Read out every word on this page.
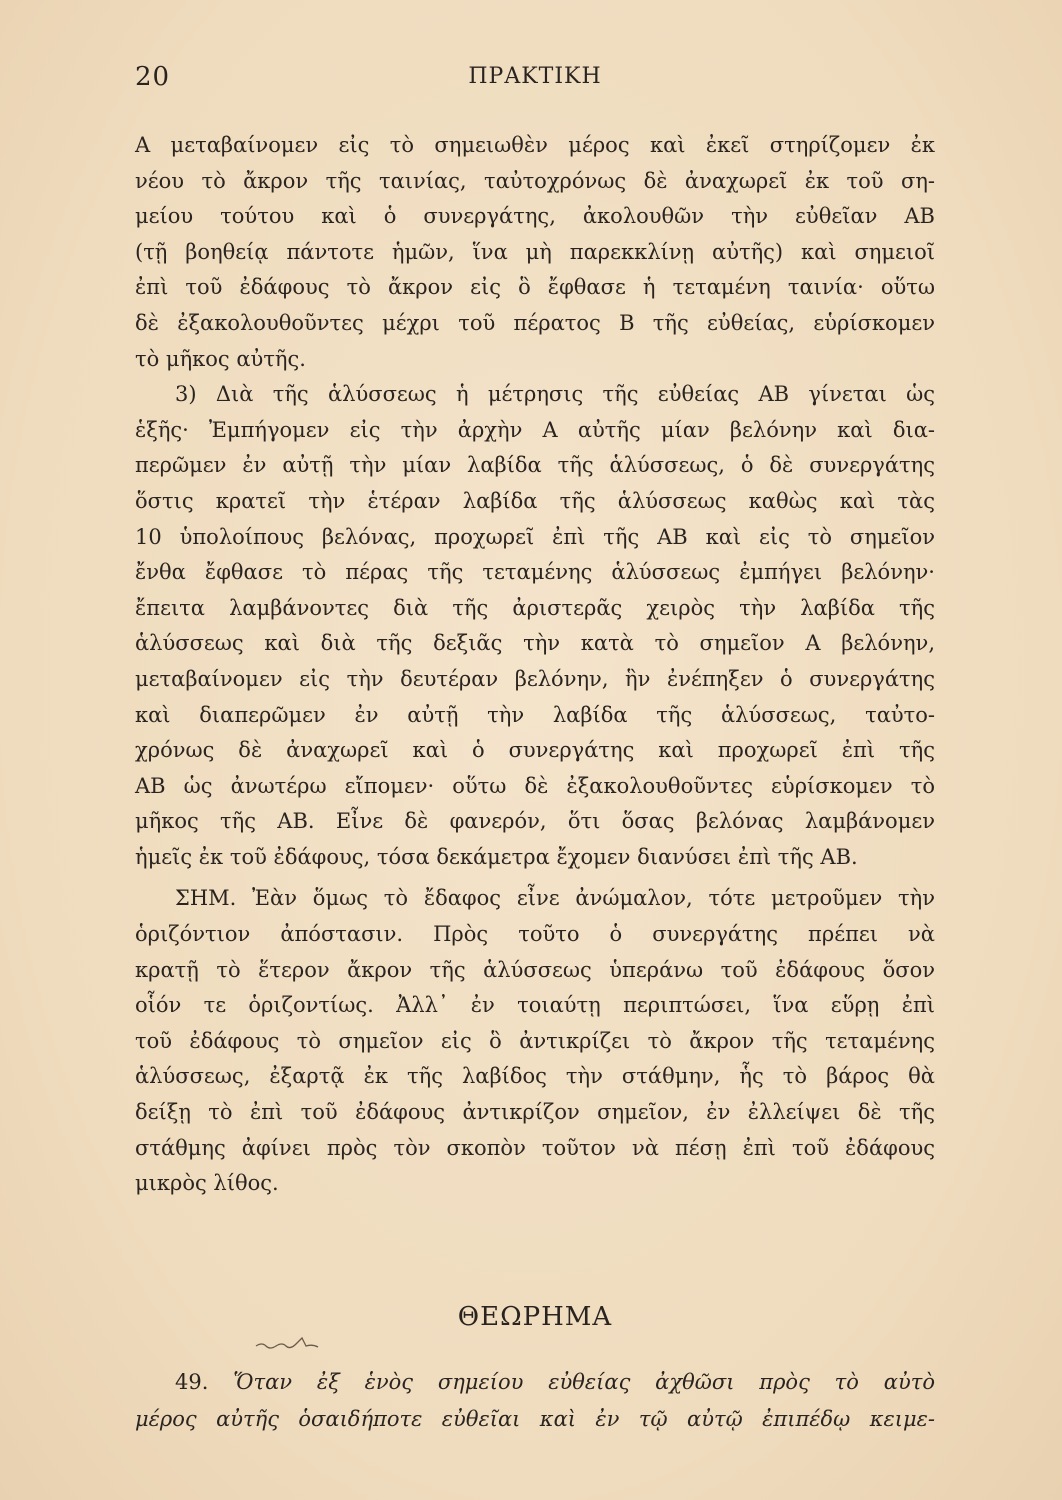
20	ΠΡΑΚΤΙΚΗ

Α μεταβαίνομεν εἰς τὸ σημειωθὲν μέρος καὶ ἐκεῖ στηρίζομεν ἐκ

νέου τὸ ἄκρον τῆς ταινίας, ταὐτοχρόνως δὲ ἀναχωρεῖ ἐκ τοῦ ση-

μείου τούτου καὶ ὁ συνεργάτης, ἀκολουθῶν τὴν εὐθεῖαν ΑΒ

(τῇ βοηθείᾳ πάντοτε ἡμῶν, ἵνα μὴ παρεκκλίνῃ αὐτῆς) καὶ σημειοῖ

ἐπὶ τοῦ ἐδάφους τὸ ἄκρον εἰς ὃ ἔφθασε ἡ τεταμένη ταινία· οὕτω

δὲ ἐξακολουθοῦντες μέχρι τοῦ πέρατος Β τῆς εὐθείας, εὑρίσκομεν

τὸ μῆκος αὐτῆς.

3) Διὰ τῆς ἁλύσσεως ἡ μέτρησις τῆς εὐθείας ΑΒ γίνεται ὡς

ἑξῆς· Ἐμπήγομεν εἰς τὴν ἀρχὴν Α αὐτῆς μίαν βελόνην καὶ δια-

περῶμεν ἐν αὐτῇ τὴν μίαν λαβίδα τῆς ἁλύσσεως, ὁ δὲ συνεργάτης

ὅστις κρατεῖ τὴν ἑτέραν λαβίδα τῆς ἁλύσσεως καθὼς καὶ τὰς

10 ὑπολοίπους βελόνας, προχωρεῖ ἐπὶ τῆς ΑΒ καὶ εἰς τὸ σημεῖον

ἔνθα ἔφθασε τὸ πέρας τῆς τεταμένης ἁλύσσεως ἐμπήγει βελόνην·

ἔπειτα λαμβάνοντες διὰ τῆς ἀριστερᾶς χειρὸς τὴν λαβίδα τῆς

ἁλύσσεως καὶ διὰ τῆς δεξιᾶς τὴν κατὰ τὸ σημεῖον Α βελόνην,

μεταβαίνομεν εἰς τὴν δευτέραν βελόνην, ἣν ἐνέπηξεν ὁ συνεργάτης

καὶ διαπερῶμεν ἐν αὐτῇ τὴν λαβίδα τῆς ἁλύσσεως, ταὐτο-

χρόνως δὲ ἀναχωρεῖ καὶ ὁ συνεργάτης καὶ προχωρεῖ ἐπὶ τῆς

ΑΒ ὡς ἀνωτέρω εἴπομεν· οὕτω δὲ ἐξακολουθοῦντες εὑρίσκομεν τὸ

μῆκος τῆς ΑΒ. Εἶνε δὲ φανερόν, ὅτι ὅσας βελόνας λαμβάνομεν

ἡμεῖς ἐκ τοῦ ἐδάφους, τόσα δεκάμετρα ἔχομεν διανύσει ἐπὶ τῆς ΑΒ.

ΣΗΜ. Ἐὰν ὅμως τὸ ἔδαφος εἶνε ἀνώμαλον, τότε μετροῦμεν τὴν

ὁριζόντιον ἀπόστασιν. Πρὸς τοῦτο ὁ συνεργάτης πρέπει νὰ

κρατῇ τὸ ἕτερον ἄκρον τῆς ἁλύσσεως ὑπεράνω τοῦ ἐδάφους ὅσον

οἷόν τε ὁριζοντίως. Ἀλλ᾿ ἐν τοιαύτῃ περιπτώσει, ἵνα εὕρῃ ἐπὶ

τοῦ ἐδάφους τὸ σημεῖον εἰς ὃ ἀντικρίζει τὸ ἄκρον τῆς τεταμένης

ἁλύσσεως, ἐξαρτᾷ ἐκ τῆς λαβίδος τὴν στάθμην, ἧς τὸ βάρος θὰ

δείξῃ τὸ ἐπὶ τοῦ ἐδάφους ἀντικρίζον σημεῖον, ἐν ἐλλείψει δὲ τῆς

στάθμης ἀφίνει πρὸς τὸν σκοπὸν τοῦτον νὰ πέσῃ ἐπὶ τοῦ ἐδάφους

μικρὸς λίθος.

ΘΕΩΡΗΜΑ

49. Ὅταν ἐξ ἑνὸς σημείου εὐθείας ἀχθῶσι πρὸς τὸ αὐτὸ

μέρος αὐτῆς ὁσαιδήποτε εὐθεῖαι καὶ ἐν τῷ αὐτῷ ἐπιπέδῳ κειμε-
